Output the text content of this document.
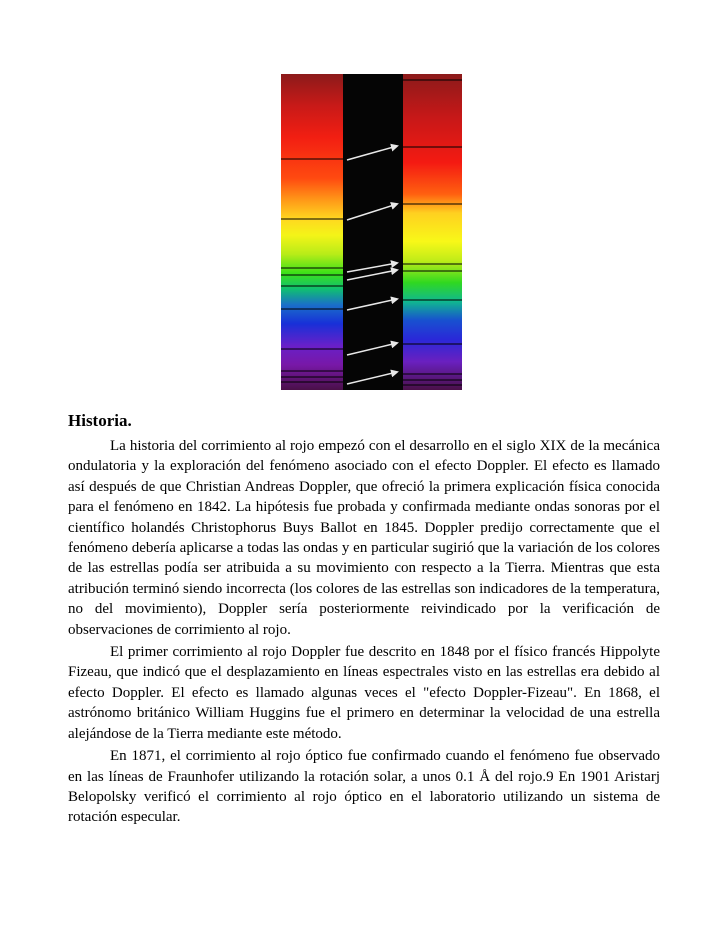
Historia.

La historia del corrimiento al rojo empezó con el desarrollo en el siglo XIX de la mecánica ondulatoria y la exploración del fenómeno asociado con el efecto Doppler. El efecto es llamado así después de que Christian Andreas Doppler, que ofreció la primera explicación física conocida para el fenómeno en 1842. La hipótesis fue probada y confirmada mediante ondas sonoras por el científico holandés Christophorus Buys Ballot en 1845. Doppler predijo correctamente que el fenómeno debería aplicarse a todas las ondas y en particular sugirió que la variación de los colores de las estrellas podía ser atribuida a su movimiento con respecto a la Tierra. Mientras que esta atribución terminó siendo incorrecta (los colores de las estrellas son indicadores de la temperatura, no del movimiento), Doppler sería posteriormente reivindicado por la verificación de observaciones de corrimiento al rojo.

El primer corrimiento al rojo Doppler fue descrito en 1848 por el físico francés Hippolyte Fizeau, que indicó que el desplazamiento en líneas espectrales visto en las estrellas era debido al efecto Doppler. El efecto es llamado algunas veces el "efecto Doppler-Fizeau". En 1868, el astrónomo británico William Huggins fue el primero en determinar la velocidad de una estrella alejándose de la Tierra mediante este método.

En 1871, el corrimiento al rojo óptico fue confirmado cuando el fenómeno fue observado en las líneas de Fraunhofer utilizando la rotación solar, a unos 0.1 Å del rojo.9 En 1901 Aristarj Belopolsky verificó el corrimiento al rojo óptico en el laboratorio utilizando un sistema de rotación especular.
